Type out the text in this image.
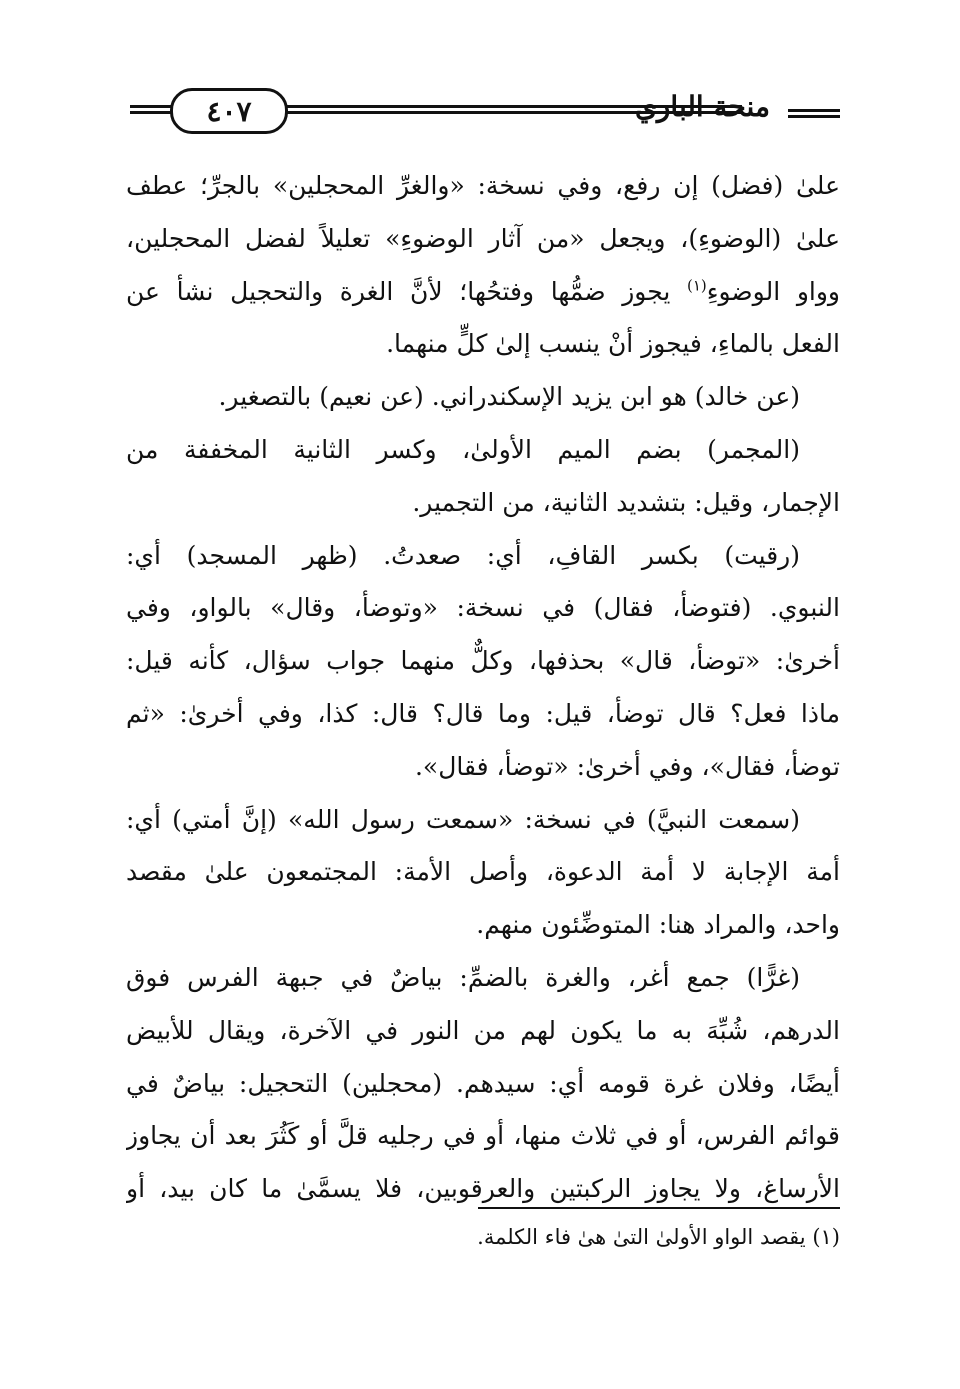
٤٠٧	منحة الباري
علىٰ (فضل) إن رفع، وفي نسخة: «والغرِّ المحجلين» بالجرِّ؛ عطف
علىٰ (الوضوءِ)، ويجعل «من آثار الوضوءِ» تعليلاً لفضل المحجلين،
وواو الوضوءِ$^{(١)}$ يجوز ضمُّها وفتحُها؛ لأنَّ الغرة والتحجيل نشأ عن
الفعل بالماءِ، فيجوز أنْ ينسب إلىٰ كلٍّ منهما.
(عن خالد) هو ابن يزيد الإسكندراني. (عن نعيم) بالتصغير.
(المجمر) بضم الميم الأولىٰ، وكسر الثانية المخففة من
الإجمار، وقيل: بتشديد الثانية، من التجمير.
(رقيت) بكسر القافِ، أي: صعدتُ. (ظهر المسجد) أي:
النبوي. (فتوضأ، فقال) في نسخة: «وتوضأ، وقال» بالواو، وفي
أخرىٰ: «توضأ، قال» بحذفها، وكلٌّ منهما جواب سؤال، كأنه قيل:
ماذا فعل؟ قال توضأ، قيل: وما قال؟ قال: كذا، وفي أخرىٰ: «ثم
توضأ، فقال»، وفي أخرىٰ: «توضأ، فقال».
(سمعت النبيَّ) في نسخة: «سمعت رسول الله» (إنَّ أمتي) أي:
أمة الإجابة لا أمة الدعوة، وأصل الأمة: المجتمعون علىٰ مقصد
واحد، والمراد هنا: المتوضِّئون منهم.
(غرًّا) جمع أغر، والغرة بالضمِّ: بياضٌ في جبهة الفرس فوق
الدرهم، شُبِّهَ به ما يكون لهم من النور في الآخرة، ويقال للأبيض
أيضًا، وفلان غرة قومه أي: سيدهم. (محجلين) التحجيل: بياضٌ في
قوائم الفرس، أو في ثلاث منها، أو في رجليه قلَّ أو كَثُرَ بعد أن يجاوز
الأرساغ، ولا يجاوز الركبتين والعرقوبين، فلا يسمَّىٰ ما كان بيد، أو
(١) يقصد الواو الأولىٰ التىٰ هىٰ فاء الكلمة.
